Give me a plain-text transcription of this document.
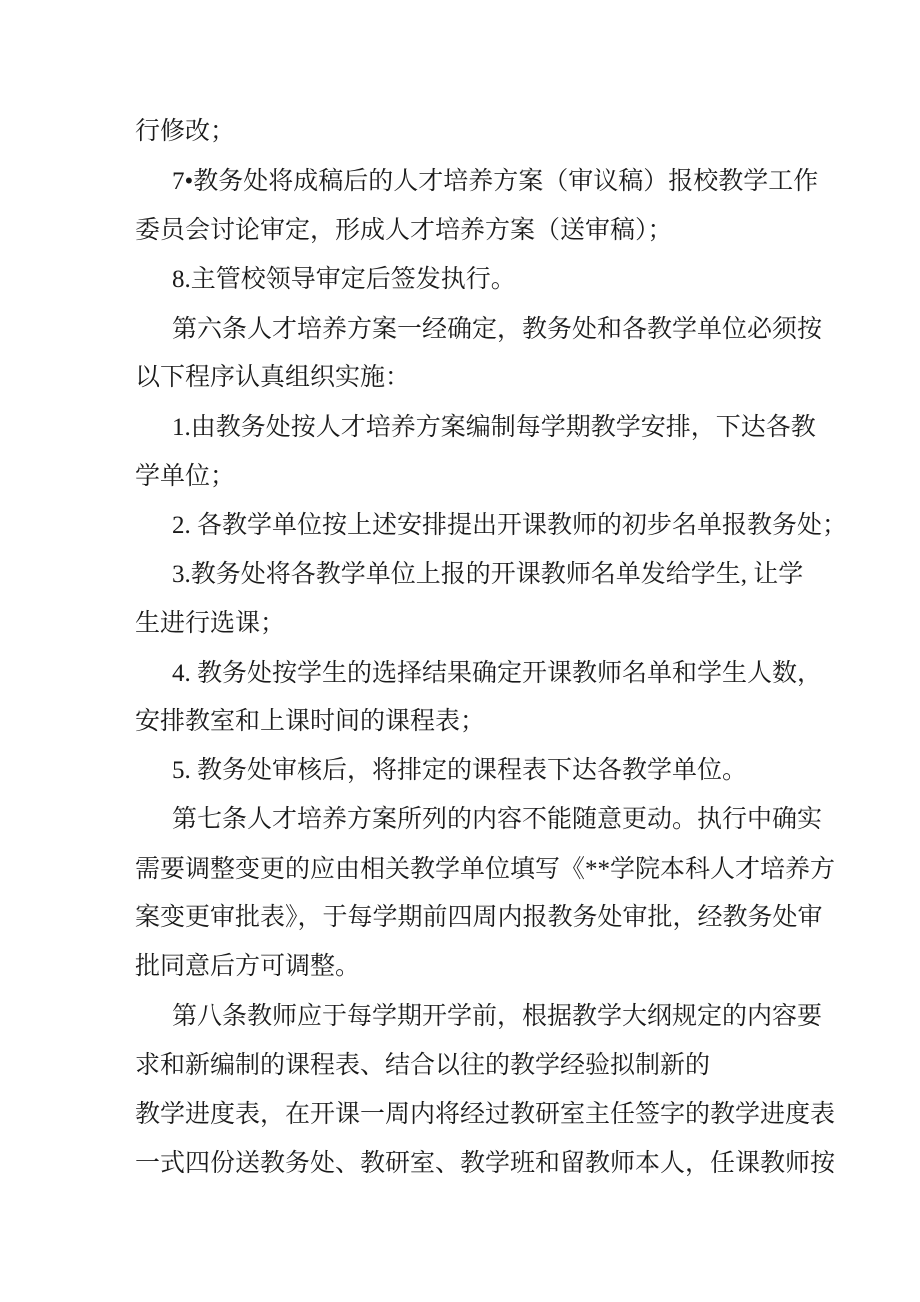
行修改；
7•教务处将成稿后的人才培养方案（审议稿）报校教学工作
委员会讨论审定，形成人才培养方案（送审稿）；
8.主管校领导审定后签发执行。
第六条人才培养方案一经确定，教务处和各教学单位必须按
以下程序认真组织实施：
1.由教务处按人才培养方案编制每学期教学安排，下达各教
学单位；
2. 各教学单位按上述安排提出开课教师的初步名单报教务处；
3.教务处将各教学单位上报的开课教师名单发给学生, 让学
生进行选课；
4. 教务处按学生的选择结果确定开课教师名单和学生人数，
安排教室和上课时间的课程表；
5. 教务处审核后，将排定的课程表下达各教学单位。
第七条人才培养方案所列的内容不能随意更动。执行中确实
需要调整变更的应由相关教学单位填写《**学院本科人才培养方
案变更审批表》，于每学期前四周内报教务处审批，经教务处审
批同意后方可调整。
第八条教师应于每学期开学前，根据教学大纲规定的内容要
求和新编制的课程表、结合以往的教学经验拟制新的
教学进度表，在开课一周内将经过教研室主任签字的教学进度表
一式四份送教务处、教研室、教学班和留教师本人，任课教师按
